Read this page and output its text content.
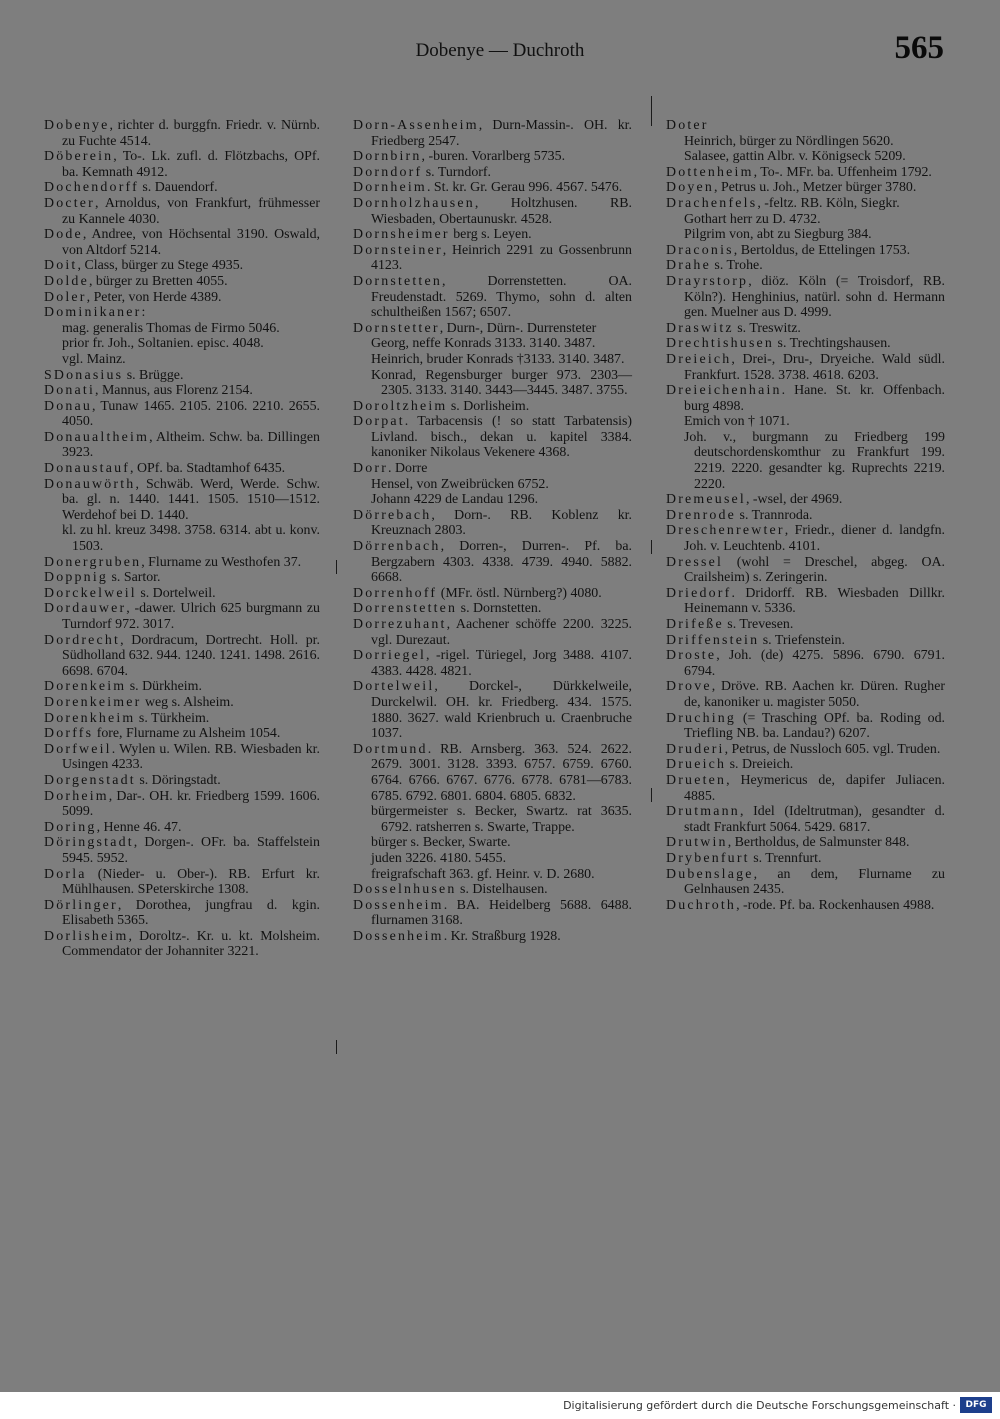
Dobenye — Duchroth	565
Dobenye, richter d. burggfn. Friedr. v. Nürnb. zu Fuchte 4514.
Döberein, To-. Lk. zufl. d. Flötzbachs, OPf. ba. Kemnath 4912.
Dochendorff s. Dauendorf.
Docter, Arnoldus, von Frankfurt, frühmesser zu Kannele 4030.
Dode, Andree, von Höchsental 3190. Oswald, von Altdorf 5214.
Doit, Class, bürger zu Stege 4935.
Dolde, bürger zu Bretten 4055.
Doler, Peter, von Herde 4389.
Dominikaner:
mag. generalis Thomas de Firmo 5046.
prior fr. Joh., Soltanien. episc. 4048.
vgl. Mainz.
SDonasius s. Brügge.
Donati, Mannus, aus Florenz 2154.
Donau, Tunaw 1465. 2105. 2106. 2210. 2655. 4050.
Donaualtheim, Altheim. Schw. ba. Dillingen 3923.
Donaustauf, OPf. ba. Stadtamhof 6435.
Donauwörth, Schwäb. Werd, Werde. Schw. ba. gl. n. 1440. 1441. 1505. 1510—1512. Werdehof bei D. 1440.
kl. zu hl. kreuz 3498. 3758. 6314. abt u. konv. 1503.
Donergruben, Flurname zu Westhofen 37.
Doppnig s. Sartor.
Dorckelweil s. Dortelweil.
Dordauwer, -dawer. Ulrich 625 burgmann zu Turndorf 972. 3017.
Dordrecht, Dordracum, Dortrecht. Holl. pr. Südholland 632. 944. 1240. 1241. 1498. 2616. 6698. 6704.
Dorenkeim s. Dürkheim.
Dorenkeimer weg s. Alsheim.
Dorenkheim s. Türkheim.
Dorffs fore, Flurname zu Alsheim 1054.
Dorfweil. Wylen u. Wilen. RB. Wiesbaden kr. Usingen 4233.
Dorgenstadt s. Döringstadt.
Dorheim, Dar-. OH. kr. Friedberg 1599. 1606. 5099.
Doring, Henne 46. 47.
Döringstadt, Dorgen-. OFr. ba. Staffelstein 5945. 5952.
Dorla (Nieder- u. Ober-). RB. Erfurt kr. Mühlhausen. SPeterskirche 1308.
Dörlinger, Dorothea, jungfrau d. kgin. Elisabeth 5365.
Dorlisheim, Doroltz-. Kr. u. kt. Molsheim. Commendator der Johanniter 3221.
Dorn-Assenheim, Durn-Massin-. OH. kr. Friedberg 2547.
Dornbirn, -buren. Vorarlberg 5735.
Dorndorf s. Turndorf.
Dornheim. St. kr. Gr. Gerau 996. 4567. 5476.
Dornholzhausen, Holtzhusen. RB. Wiesbaden, Obertaunuskr. 4528.
Dornsheimer berg s. Leyen.
Dornsteiner, Heinrich 2291 zu Gossenbrunn 4123.
Dornstetten, Dorrenstetten. OA. Freudenstadt. 5269. Thymo, sohn d. alten schultheißen 1567; 6507.
Dornstetter, Durn-, Dürn-. Durrensteter
Georg, neffe Konrads 3133. 3140. 3487.
Heinrich, bruder Konrads †3133. 3140. 3487.
Konrad, Regensburger burger 973. 2303—2305. 3133. 3140. 3443—3445. 3487. 3755.
Doroltzheim s. Dorlisheim.
Dorpat. Tarbacensis (! so statt Tarbatensis) Livland. bisch., dekan u. kapitel 3384. kanoniker Nikolaus Vekenere 4368.
Dorr. Dorre
Hensel, von Zweibrücken 6752.
Johann 4229 de Landau 1296.
Dörrebach, Dorn-. RB. Koblenz kr. Kreuznach 2803.
Dörrenbach, Dorren-, Durren-. Pf. ba. Bergzabern 4303. 4338. 4739. 4940. 5882. 6668.
Dorrenhoff (MFr. östl. Nürnberg?) 4080.
Dorrenstetten s. Dornstetten.
Dorrezuhant, Aachener schöffe 2200. 3225. vgl. Durezaut.
Dorriegel, -rigel. Türiegel, Jorg 3488. 4107. 4383. 4428. 4821.
Dortelweil, Dorckel-, Dürkkelweile, Durckelwil. OH. kr. Friedberg. 434. 1575. 1880. 3627. wald Krienbruch u. Craenbruche 1037.
Dortmund. RB. Arnsberg. 363. 524. 2622. 2679. 3001. 3128. 3393. 6757. 6759. 6760. 6764. 6766. 6767. 6776. 6778. 6781—6783. 6785. 6792. 6801. 6804. 6805. 6832.
bürgermeister s. Becker, Swartz. rat 3635. 6792. ratsherren s. Swarte, Trappe.
bürger s. Becker, Swarte.
juden 3226. 4180. 5455.
freigrafschaft 363. gf. Heinr. v. D. 2680.
Dosselnhusen s. Distelhausen.
Dossenheim. BA. Heidelberg 5688. 6488. flurnamen 3168.
Dossenheim. Kr. Straßburg 1928.
Doter
Heinrich, bürger zu Nördlingen 5620.
Salasee, gattin Albr. v. Königseck 5209.
Dottenheim, To-. MFr. ba. Uffenheim 1792.
Doyen, Petrus u. Joh., Metzer bürger 3780.
Drachenfels, -feltz. RB. Köln, Siegkr.
Gothart herr zu D. 4732.
Pilgrim von, abt zu Siegburg 384.
Draconis, Bertoldus, de Ettelingen 1753.
Drahe s. Trohe.
Drayrstorp, diöz. Köln (= Troisdorf, RB. Köln?). Henghinius, natürl. sohn d. Hermann gen. Muelner aus D. 4999.
Draswitz s. Treswitz.
Drechtishusen s. Trechtingshausen.
Dreieich, Drei-, Dru-, Dryeiche. Wald südl. Frankfurt. 1528. 3738. 4618. 6203.
Dreieichenhain. Hane. St. kr. Offenbach. burg 4898.
Emich von † 1071.
Joh. v., burgmann zu Friedberg 199 deutschordenskomthur zu Frankfurt 199. 2219. 2220. gesandter kg. Ruprechts 2219. 2220.
Dremeusel, -wsel, der 4969.
Drenrode s. Trannroda.
Dreschenrewter, Friedr., diener d. landgfn. Joh. v. Leuchtenb. 4101.
Dressel (wohl = Dreschel, abgeg. OA. Crailsheim) s. Zeringerin.
Driedorf. Dridorff. RB. Wiesbaden Dillkr. Heinemann v. 5336.
Drifeße s. Trevesen.
Driffenstein s. Triefenstein.
Droste, Joh. (de) 4275. 5896. 6790. 6791. 6794.
Drove, Dröve. RB. Aachen kr. Düren. Rugher de, kanoniker u. magister 5050.
Druching (= Trasching OPf. ba. Roding od. Triefling NB. ba. Landau?) 6207.
Druderi, Petrus, de Nussloch 605. vgl. Truden.
Drueich s. Dreieich.
Drueten, Heymericus de, dapifer Juliacen. 4885.
Drutmann, Idel (Ideltrutman), gesandter d. stadt Frankfurt 5064. 5429. 6817.
Drutwin, Bertholdus, de Salmunster 848.
Drybenfurt s. Trennfurt.
Dubenslage, an dem, Flurname zu Gelnhausen 2435.
Duchroth, -rode. Pf. ba. Rockenhausen 4988.
Digitalisierung gefördert durch die Deutsche Forschungsgemeinschaft ·	DFG
